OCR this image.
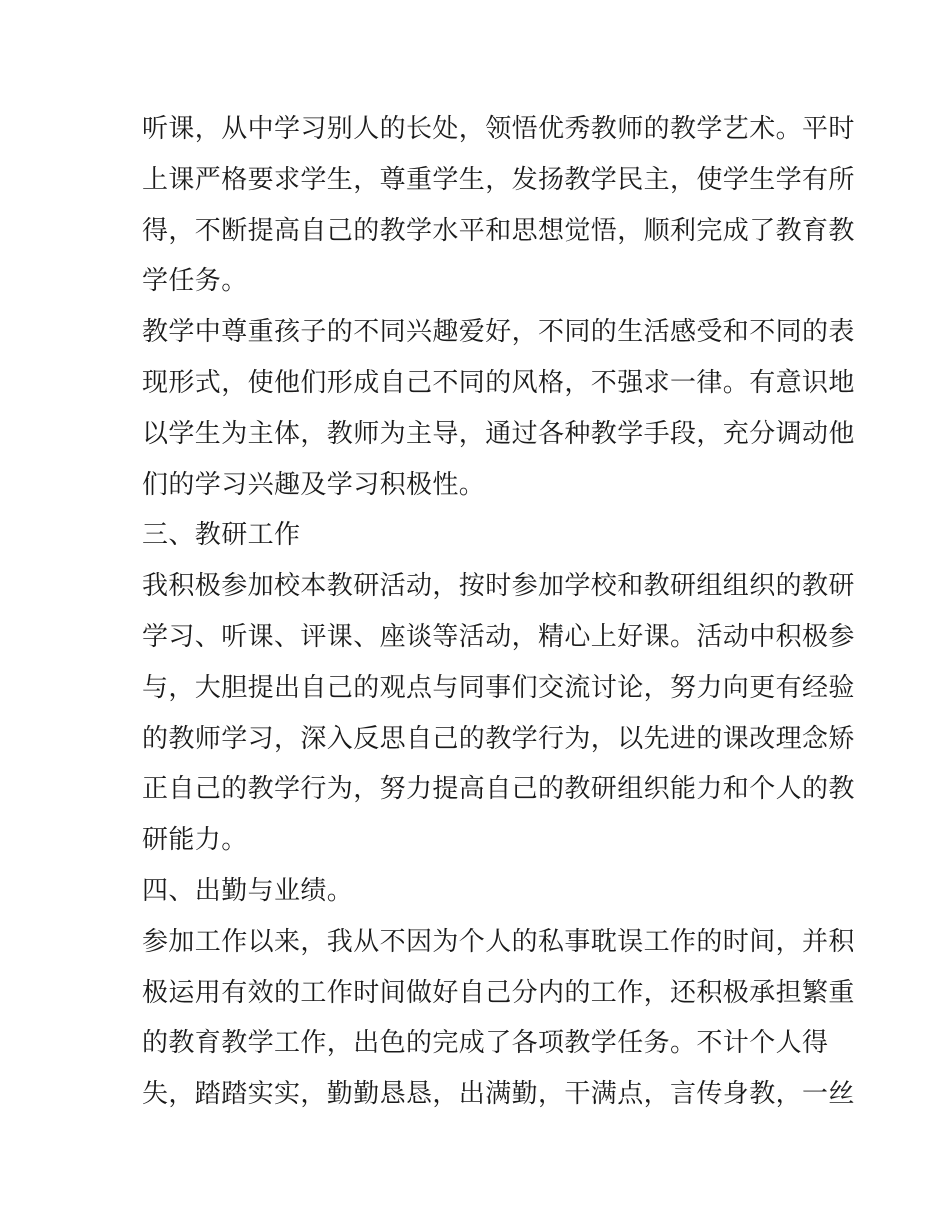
听课，从中学习别人的长处，领悟优秀教师的教学艺术。平时
上课严格要求学生，尊重学生，发扬教学民主，使学生学有所
得，不断提高自己的教学水平和思想觉悟，顺利完成了教育教
学任务。
教学中尊重孩子的不同兴趣爱好，不同的生活感受和不同的表
现形式，使他们形成自己不同的风格，不强求一律。有意识地
以学生为主体，教师为主导，通过各种教学手段，充分调动他
们的学习兴趣及学习积极性。
三、教研工作
我积极参加校本教研活动，按时参加学校和教研组组织的教研
学习、听课、评课、座谈等活动，精心上好课。活动中积极参
与，大胆提出自己的观点与同事们交流讨论，努力向更有经验
的教师学习，深入反思自己的教学行为，以先进的课改理念矫
正自己的教学行为，努力提高自己的教研组织能力和个人的教
研能力。
四、出勤与业绩。
参加工作以来，我从不因为个人的私事耽误工作的时间，并积
极运用有效的工作时间做好自己分内的工作，还积极承担繁重
的教育教学工作，出色的完成了各项教学任务。不计个人得
失，踏踏实实，勤勤恳恳，出满勤，干满点，言传身教，一丝
